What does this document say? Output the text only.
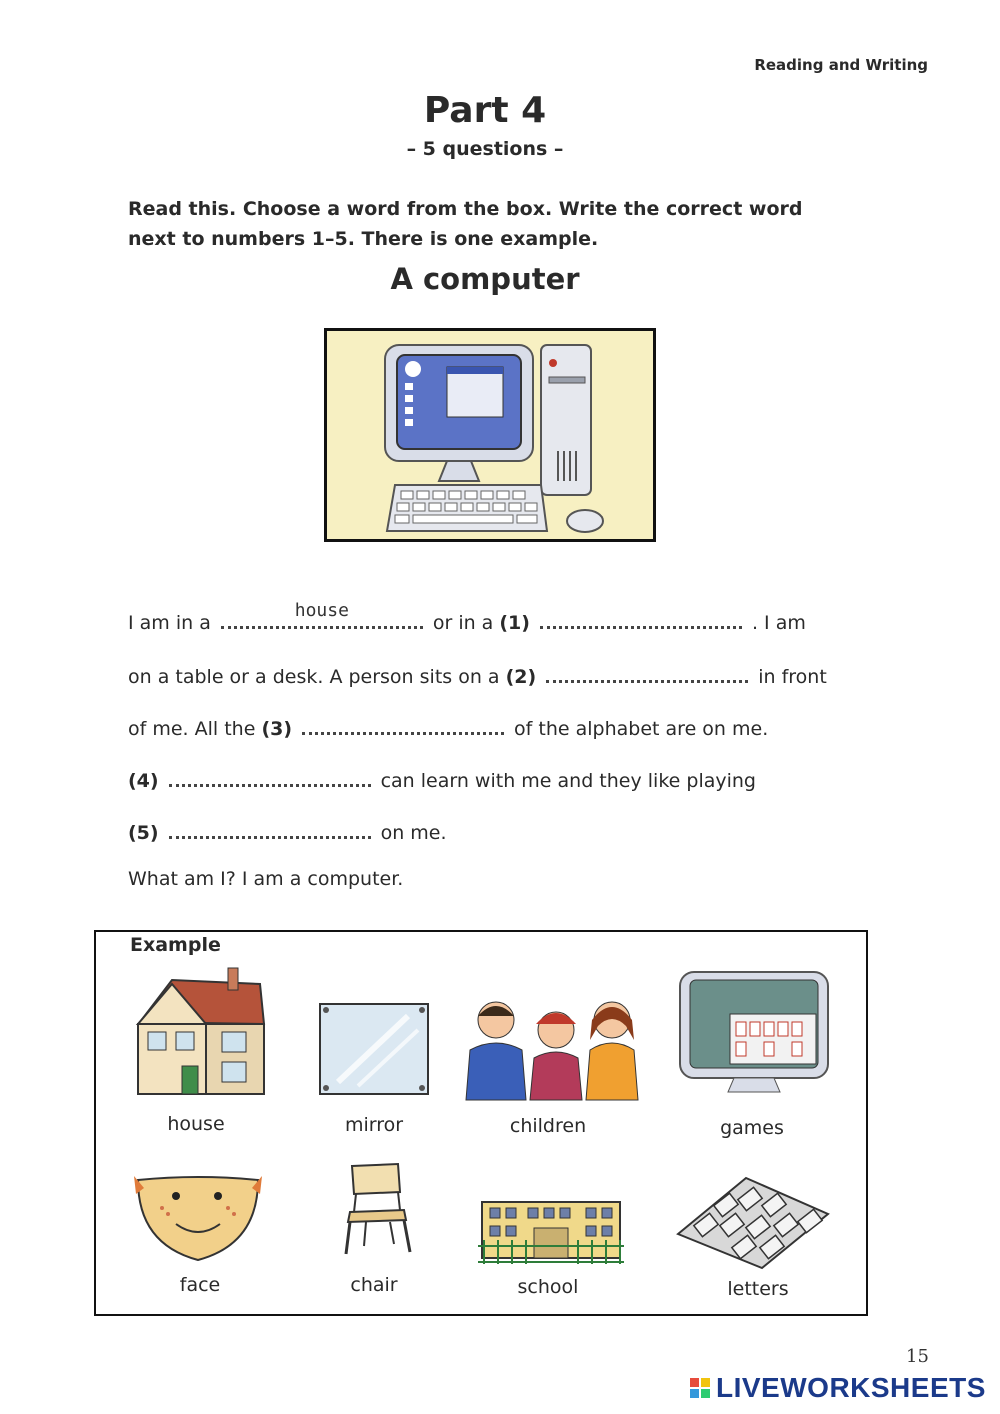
Reading and Writing
Part 4
– 5 questions –
Read this. Choose a word from the box. Write the correct word next to numbers 1–5. There is one example.
A computer
I am in a
house
or in a (1)	. I am
on a table or a desk. A person sits on a (2)	in front
of me. All the (3)	of the alphabet are on me.
(4)	can learn with me and they like playing
(5)	on me.
What am I? I am a computer.
Example
house	mirror	children	games
face	chair	school	letters
15
LIVEWORKSHEETS
